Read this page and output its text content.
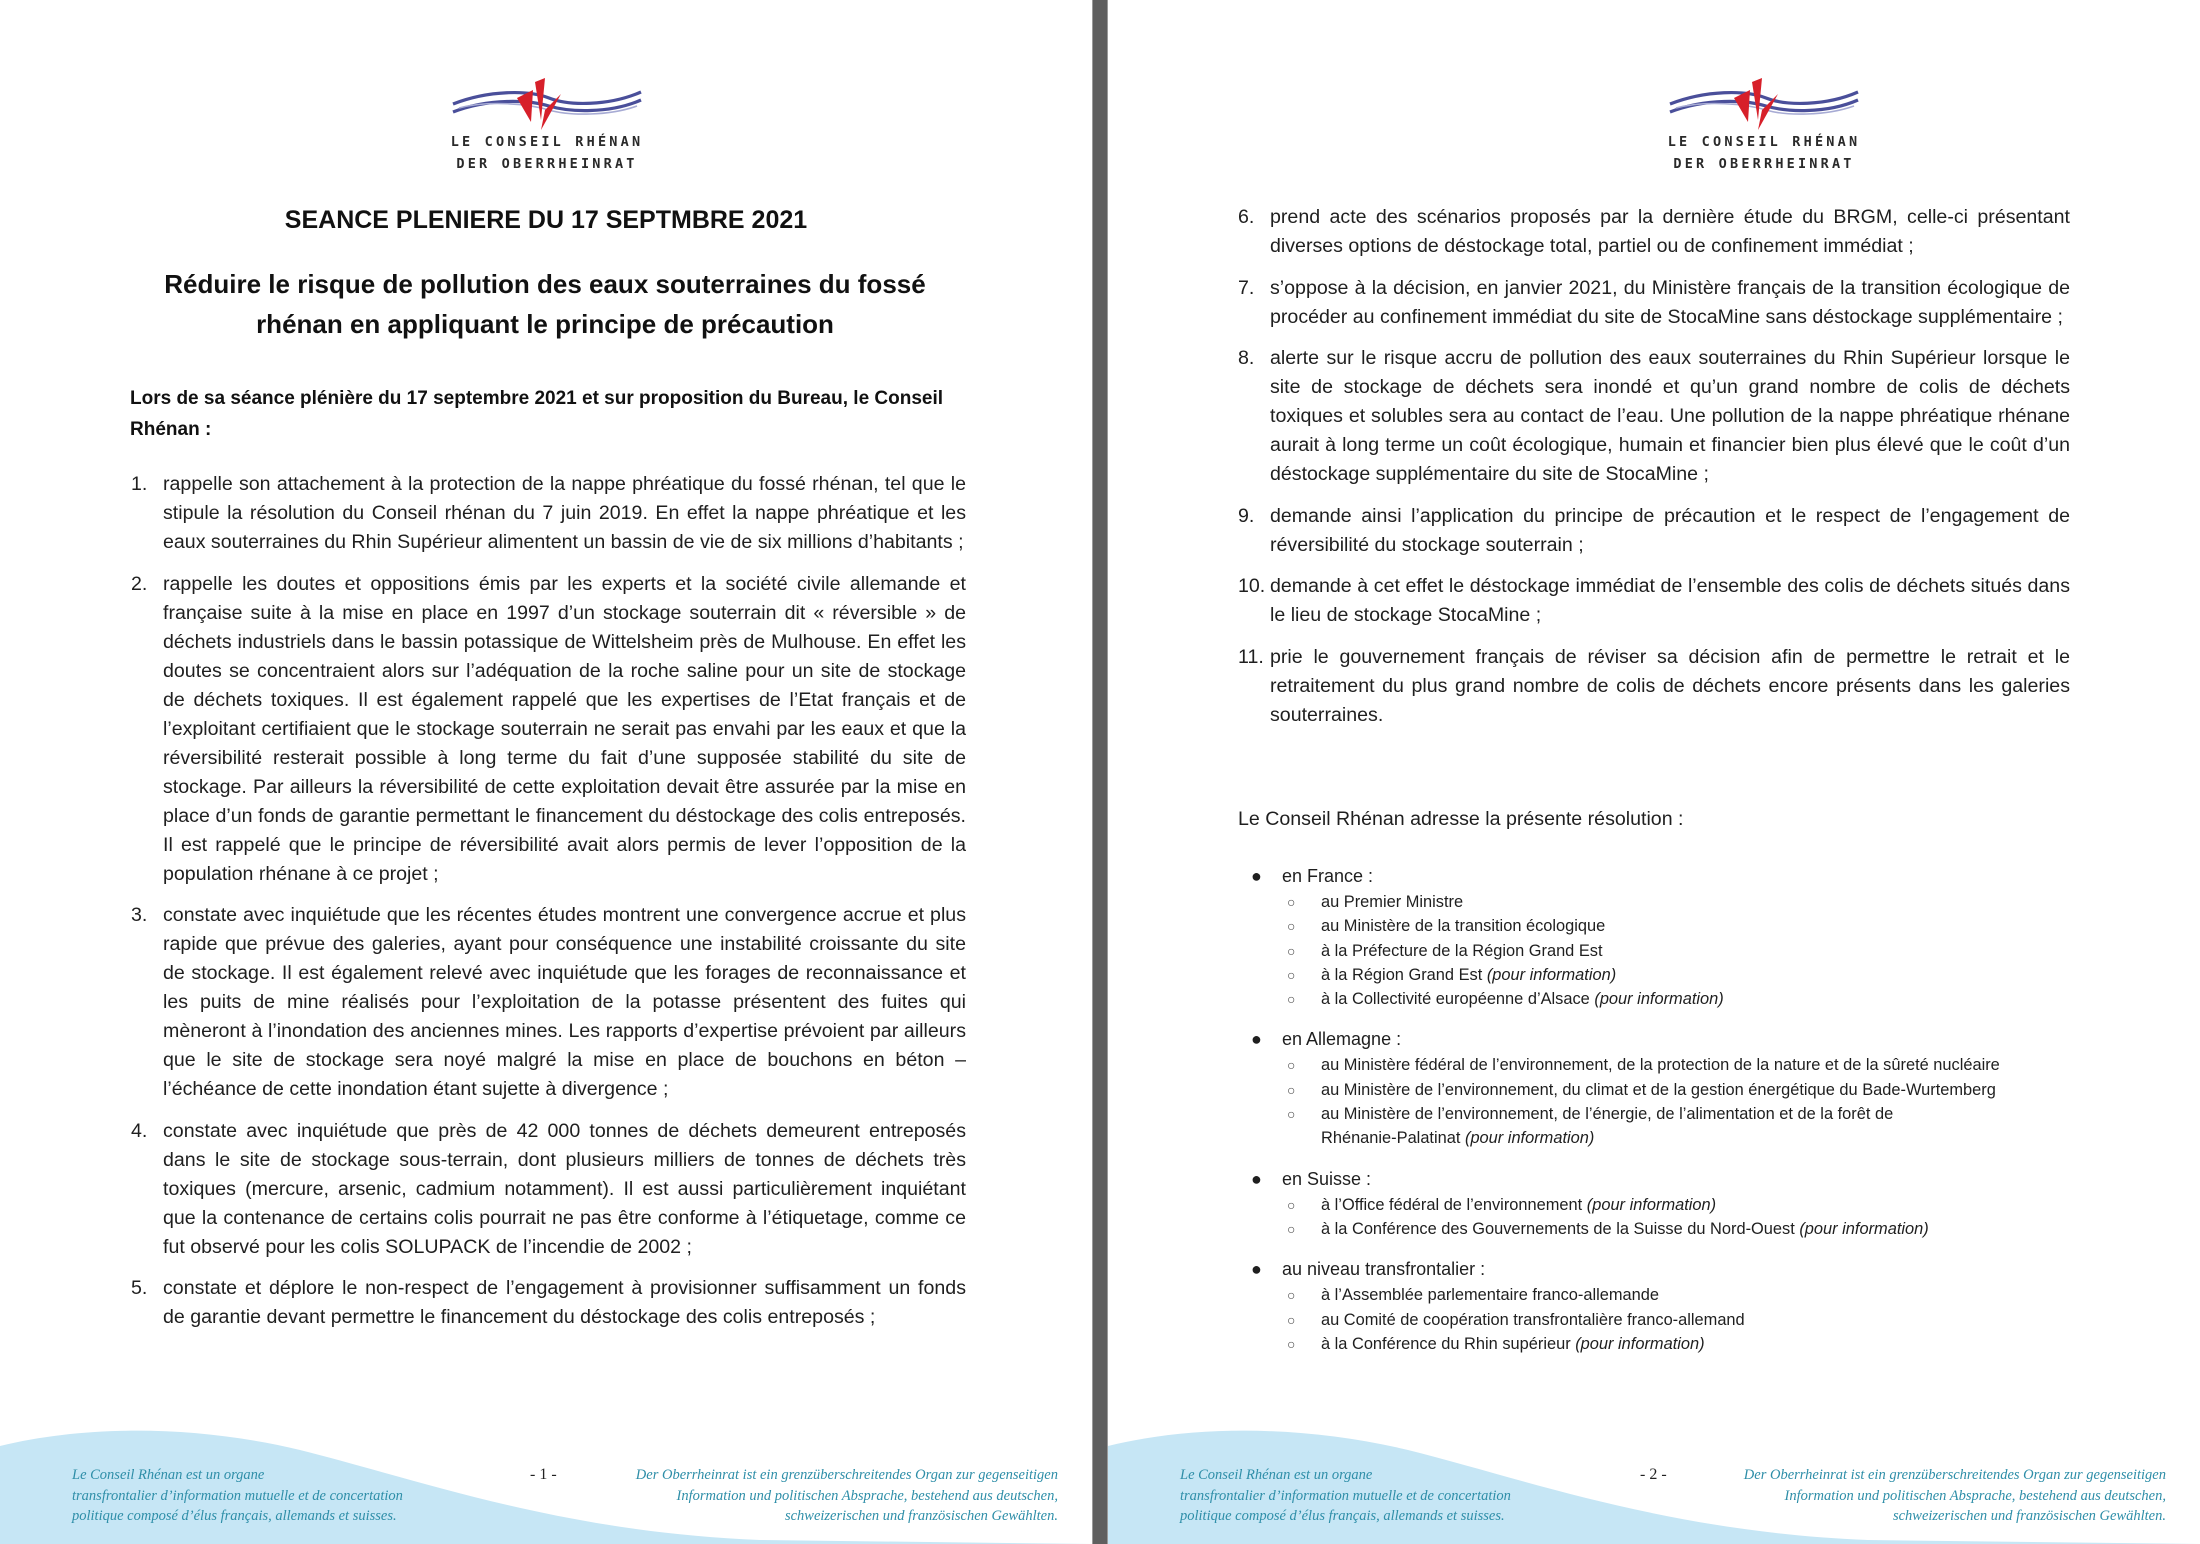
LE CONSEIL RHÉNAN
DER OBERRHEINRAT
SEANCE PLENIERE DU 17 SEPTMBRE 2021
Réduire le risque de pollution des eaux souterraines du fossé
rhénan en appliquant le principe de précaution
Lors de sa séance plénière du 17 septembre 2021 et sur proposition du Bureau, le Conseil Rhénan :
1. rappelle son attachement à la protection de la nappe phréatique du fossé rhénan, tel que le stipule la résolution du Conseil rhénan du 7 juin 2019. En effet la nappe phréatique et les eaux souterraines du Rhin Supérieur alimentent un bassin de vie de six millions d’habitants ;
2. rappelle les doutes et oppositions émis par les experts et la société civile allemande et française suite à la mise en place en 1997 d’un stockage souterrain dit « réversible » de déchets industriels dans le bassin potassique de Wittelsheim près de Mulhouse. En effet les doutes se concentraient alors sur l’adéquation de la roche saline pour un site de stockage de déchets toxiques. Il est également rappelé que les expertises de l’Etat français et de l’exploitant certifiaient que le stockage souterrain ne serait pas envahi par les eaux et que la réversibilité resterait possible à long terme du fait d’une supposée stabilité du site de stockage. Par ailleurs la réversibilité de cette exploitation devait être assurée par la mise en place d’un fonds de garantie permettant le financement du déstockage des colis entreposés. Il est rappelé que le principe de réversibilité avait alors permis de lever l’opposition de la population rhénane à ce projet ;
3. constate avec inquiétude que les récentes études montrent une convergence accrue et plus rapide que prévue des galeries, ayant pour conséquence une instabilité croissante du site de stockage. Il est également relevé avec inquiétude que les forages de reconnaissance et les puits de mine réalisés pour l’exploitation de la potasse présentent des fuites qui mèneront à l’inondation des anciennes mines. Les rapports d’expertise prévoient par ailleurs que le site de stockage sera noyé malgré la mise en place de bouchons en béton – l’échéance de cette inondation étant sujette à divergence ;
4. constate avec inquiétude que près de 42 000 tonnes de déchets demeurent entreposés dans le site de stockage sous-terrain, dont plusieurs milliers de tonnes de déchets très toxiques (mercure, arsenic, cadmium notamment). Il est aussi particulièrement inquiétant que la contenance de certains colis pourrait ne pas être conforme à l’étiquetage, comme ce fut observé pour les colis SOLUPACK de l’incendie de 2002 ;
5. constate et déplore le non-respect de l’engagement à provisionner suffisamment un fonds de garantie devant permettre le financement du déstockage des colis entreposés ;
Le Conseil Rhénan est un organe
transfrontalier d’information mutuelle et de concertation
politique composé d’élus français, allemands et suisses.
- 1 -	Der Oberrheinrat ist ein grenzüberschreitendes Organ zur gegenseitigen
Information und politischen Absprache, bestehend aus deutschen,
schweizerischen und französischen Gewählten.
LE CONSEIL RHÉNAN
DER OBERRHEINRAT
6. prend acte des scénarios proposés par la dernière étude du BRGM, celle-ci présentant diverses options de déstockage total, partiel ou de confinement immédiat ;
7. s’oppose à la décision, en janvier 2021, du Ministère français de la transition écologique de procéder au confinement immédiat du site de StocaMine sans déstockage supplémentaire ;
8. alerte sur le risque accru de pollution des eaux souterraines du Rhin Supérieur lorsque le site de stockage de déchets sera inondé et qu’un grand nombre de colis de déchets toxiques et solubles sera au contact de l’eau. Une pollution de la nappe phréatique rhénane aurait à long terme un coût écologique, humain et financier bien plus élevé que le coût d’un déstockage supplémentaire du site de StocaMine ;
9. demande ainsi l’application du principe de précaution et le respect de l’engagement de réversibilité du stockage souterrain ;
10. demande à cet effet le déstockage immédiat de l’ensemble des colis de déchets situés dans le lieu de stockage StocaMine ;
11. prie le gouvernement français de réviser sa décision afin de permettre le retrait et le retraitement du plus grand nombre de colis de déchets encore présents dans les galeries souterraines.
Le Conseil Rhénan adresse la présente résolution :
● en France :
○ au Premier Ministre
○ au Ministère de la transition écologique
○ à la Préfecture de la Région Grand Est
○ à la Région Grand Est (pour information)
○ à la Collectivité européenne d’Alsace (pour information)
● en Allemagne :
○ au Ministère fédéral de l’environnement, de la protection de la nature et de la sûreté nucléaire
○ au Ministère de l’environnement, du climat et de la gestion énergétique du Bade-Wurtemberg
○ au Ministère de l’environnement, de l’énergie, de l’alimentation et de la forêt de Rhénanie-Palatinat (pour information)
● en Suisse :
○ à l’Office fédéral de l’environnement (pour information)
○ à la Conférence des Gouvernements de la Suisse du Nord-Ouest (pour information)
● au niveau transfrontalier :
○ à l’Assemblée parlementaire franco-allemande
○ au Comité de coopération transfrontalière franco-allemand
○ à la Conférence du Rhin supérieur (pour information)
Le Conseil Rhénan est un organe
transfrontalier d’information mutuelle et de concertation
politique composé d’élus français, allemands et suisses.
- 2 -	Der Oberrheinrat ist ein grenzüberschreitendes Organ zur gegenseitigen
Information und politischen Absprache, bestehend aus deutschen,
schweizerischen und französischen Gewählten.
